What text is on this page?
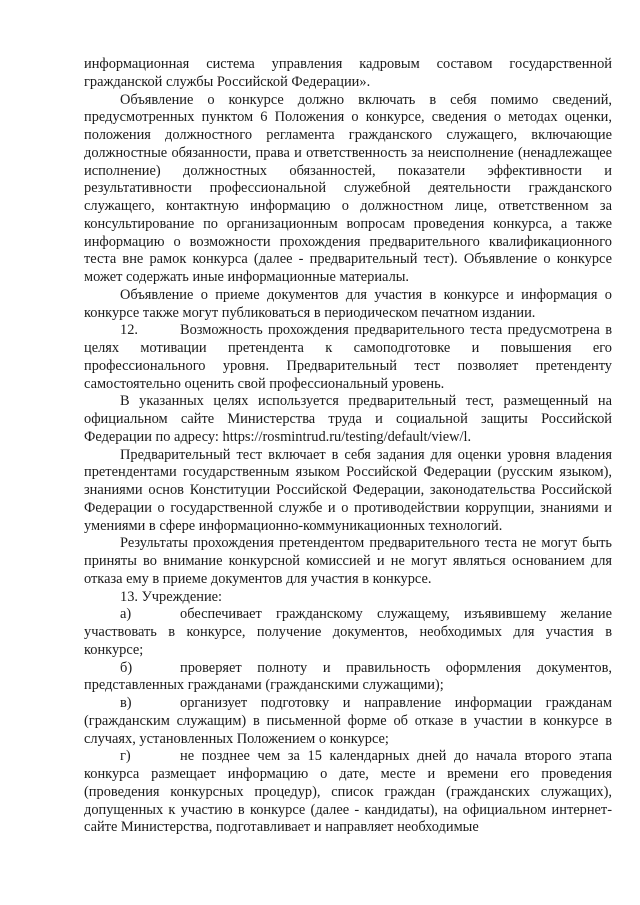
информационная система управления кадровым составом государственной гражданской службы Российской Федерации».

Объявление о конкурсе должно включать в себя помимо сведений, предусмотренных пунктом 6 Положения о конкурсе, сведения о методах оценки, положения должностного регламента гражданского служащего, включающие должностные обязанности, права и ответственность за неисполнение (ненадлежащее исполнение) должностных обязанностей, показатели эффективности и результативности профессиональной служебной деятельности гражданского служащего, контактную информацию о должностном лице, ответственном за консультирование по организационным вопросам проведения конкурса, а также информацию о возможности прохождения предварительного квалификационного теста вне рамок конкурса (далее - предварительный тест). Объявление о конкурсе может содержать иные информационные материалы.

Объявление о приеме документов для участия в конкурсе и информация о конкурсе также могут публиковаться в периодическом печатном издании.

12.	Возможность прохождения предварительного теста предусмотрена в целях мотивации претендента к самоподготовке и повышения его профессионального уровня. Предварительный тест позволяет претенденту самостоятельно оценить свой профессиональный уровень.

В указанных целях используется предварительный тест, размещенный на официальном сайте Министерства труда и социальной защиты Российской Федерации по адресу: https://rosmintrud.ru/testing/default/view/l.

Предварительный тест включает в себя задания для оценки уровня владения претендентами государственным языком Российской Федерации (русским языком), знаниями основ Конституции Российской Федерации, законодательства Российской Федерации о государственной службе и о противодействии коррупции, знаниями и умениями в сфере информационно-коммуникационных технологий.

Результаты прохождения претендентом предварительного теста не могут быть приняты во внимание конкурсной комиссией и не могут являться основанием для отказа ему в приеме документов для участия в конкурсе.

13. Учреждение:

а)	обеспечивает гражданскому служащему, изъявившему желание участвовать в конкурсе, получение документов, необходимых для участия в конкурсе;

б)	проверяет полноту и правильность оформления документов, представленных гражданами (гражданскими служащими);

в)	организует подготовку и направление информации гражданам (гражданским служащим) в письменной форме об отказе в участии в конкурсе в случаях, установленных Положением о конкурсе;

г)	не позднее чем за 15 календарных дней до начала второго этапа конкурса размещает информацию о дате, месте и времени его проведения (проведения конкурсных процедур), список граждан (гражданских служащих), допущенных к участию в конкурсе (далее - кандидаты), на официальном интернет-сайте Министерства, подготавливает и направляет необходимые
